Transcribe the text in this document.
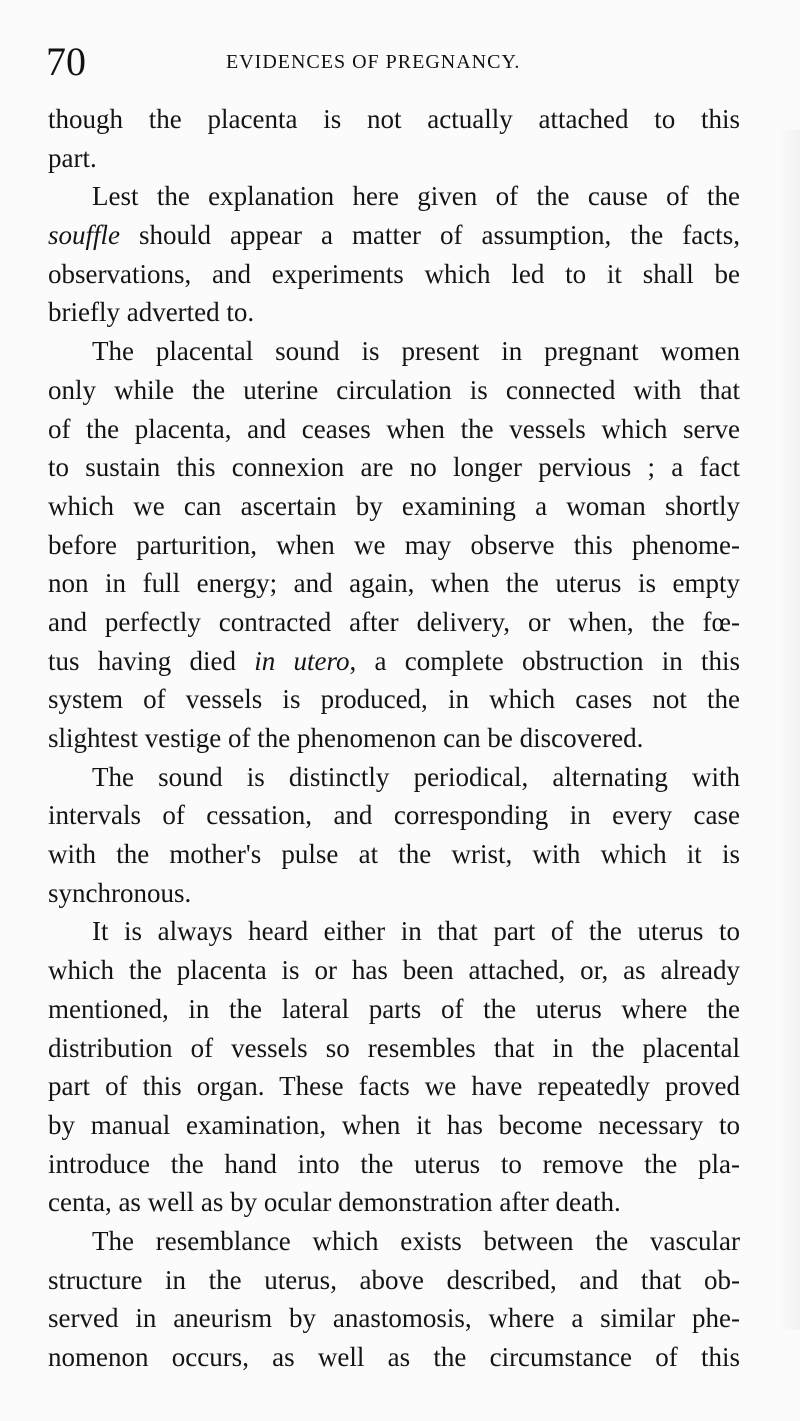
70	EVIDENCES OF PREGNANCY.
though the placenta is not actually attached to this
part.
Lest the explanation here given of the cause of the
souffle should appear a matter of assumption, the facts,
observations, and experiments which led to it shall be
briefly adverted to.
The placental sound is present in pregnant women
only while the uterine circulation is connected with that
of the placenta, and ceases when the vessels which serve
to sustain this connexion are no longer pervious ; a fact
which we can ascertain by examining a woman shortly
before parturition, when we may observe this phenome-
non in full energy; and again, when the uterus is empty
and perfectly contracted after delivery, or when, the fœ-
tus having died in utero, a complete obstruction in this
system of vessels is produced, in which cases not the
slightest vestige of the phenomenon can be discovered.
The sound is distinctly periodical, alternating with
intervals of cessation, and corresponding in every case
with the mother's pulse at the wrist, with which it is
synchronous.
It is always heard either in that part of the uterus to
which the placenta is or has been attached, or, as already
mentioned, in the lateral parts of the uterus where the
distribution of vessels so resembles that in the placental
part of this organ. These facts we have repeatedly proved
by manual examination, when it has become necessary to
introduce the hand into the uterus to remove the pla-
centa, as well as by ocular demonstration after death.
The resemblance which exists between the vascular
structure in the uterus, above described, and that ob-
served in aneurism by anastomosis, where a similar phe-
nomenon occurs, as well as the circumstance of this
